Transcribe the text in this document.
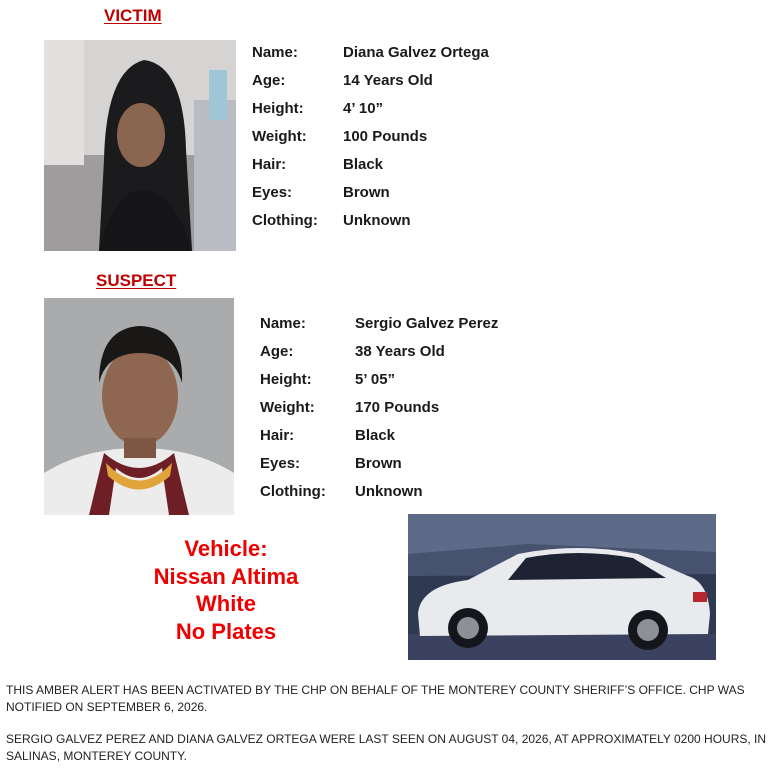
VICTIM
Name:	Diana Galvez Ortega
Age:	14 Years Old
Height:	4’ 10”
Weight:	100 Pounds
Hair:	Black
Eyes:	Brown
Clothing:	Unknown
SUSPECT
Name:	Sergio Galvez Perez
Age:	38 Years Old
Height:	5’ 05”
Weight:	170 Pounds
Hair:	Black
Eyes:	Brown
Clothing:	Unknown
Vehicle:
Nissan Altima
White
No Plates
THIS AMBER ALERT HAS BEEN ACTIVATED BY THE CHP ON BEHALF OF THE MONTEREY COUNTY SHERIFF’S OFFICE. CHP WAS NOTIFIED ON SEPTEMBER 6, 2026.
SERGIO GALVEZ PEREZ AND DIANA GALVEZ ORTEGA WERE LAST SEEN ON AUGUST 04, 2026, AT APPROXIMATELY 0200 HOURS, IN SALINAS, MONTEREY COUNTY.
